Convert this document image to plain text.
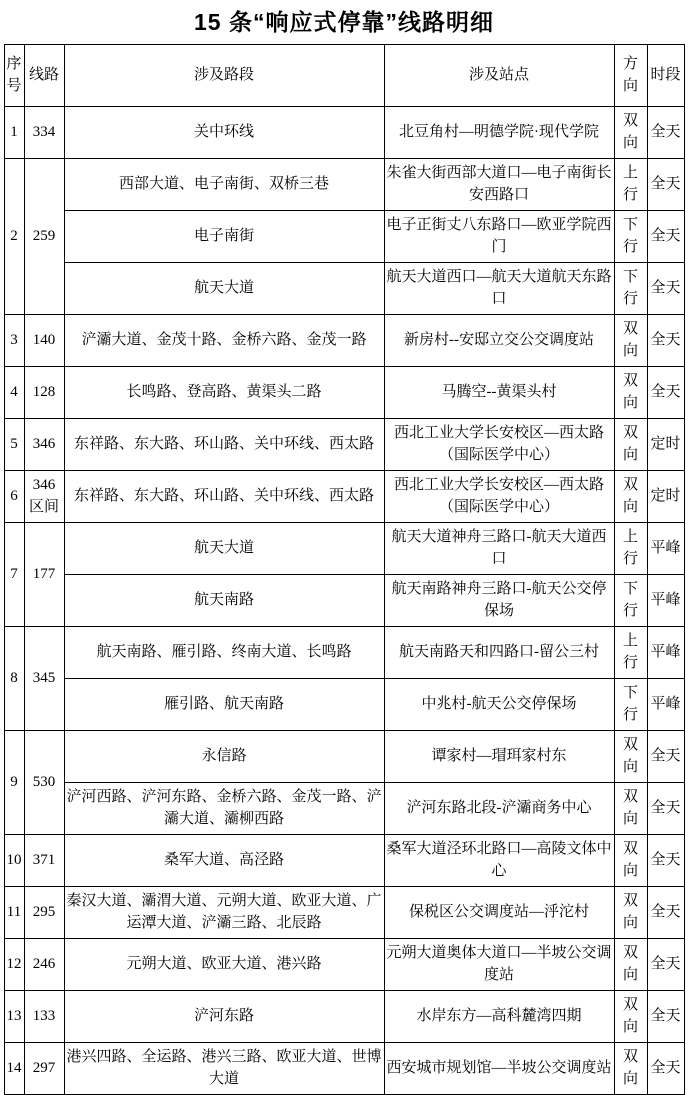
15 条“响应式停靠”线路明细
序号	线路	涉及路段	涉及站点	方向	时段
1	334	关中环线	北豆角村—明德学院·现代学院	双向	全天
2	259	西部大道、电子南街、双桥三巷	朱雀大街西部大道口—电子南街长安西路口	上行	全天
		电子南街	电子正街丈八东路口—欧亚学院西门	下行	全天
		航天大道	航天大道西口—航天大道航天东路口	下行	全天
3	140	浐灞大道、金茂十路、金桥六路、金茂一路	新房村--安邸立交公交调度站	双向	全天
4	128	长鸣路、登高路、黄渠头二路	马腾空--黄渠头村	双向	全天
5	346	东祥路、东大路、环山路、关中环线、西太路	西北工业大学长安校区—西太路（国际医学中心）	双向	定时
6	346区间	东祥路、东大路、环山路、关中环线、西太路	西北工业大学长安校区—西太路（国际医学中心）	双向	定时
7	177	航天大道	航天大道神舟三路口-航天大道西口	上行	平峰
		航天南路	航天南路神舟三路口-航天公交停保场	下行	平峰
8	345	航天南路、雁引路、终南大道、长鸣路	航天南路天和四路口-留公三村	上行	平峰
		雁引路、航天南路	中兆村-航天公交停保场	下行	平峰
9	530	永信路	谭家村—瑁珥家村东	双向	全天
		浐河西路、浐河东路、金桥六路、金茂一路、浐灞大道、灞柳西路	浐河东路北段-浐灞商务中心	双向	全天
10	371	桑军大道、高泾路	桑军大道泾环北路口—高陵文体中心	双向	全天
11	295	秦汉大道、灞渭大道、元朔大道、欧亚大道、广运潭大道、浐灞三路、北辰路	保税区公交调度站—泘沱村	双向	全天
12	246	元朔大道、欧亚大道、港兴路	元朔大道奥体大道口—半坡公交调度站	双向	全天
13	133	浐河东路	水岸东方—高科麓湾四期	双向	全天
14	297	港兴四路、全运路、港兴三路、欧亚大道、世博大道	西安城市规划馆—半坡公交调度站	双向	全天
